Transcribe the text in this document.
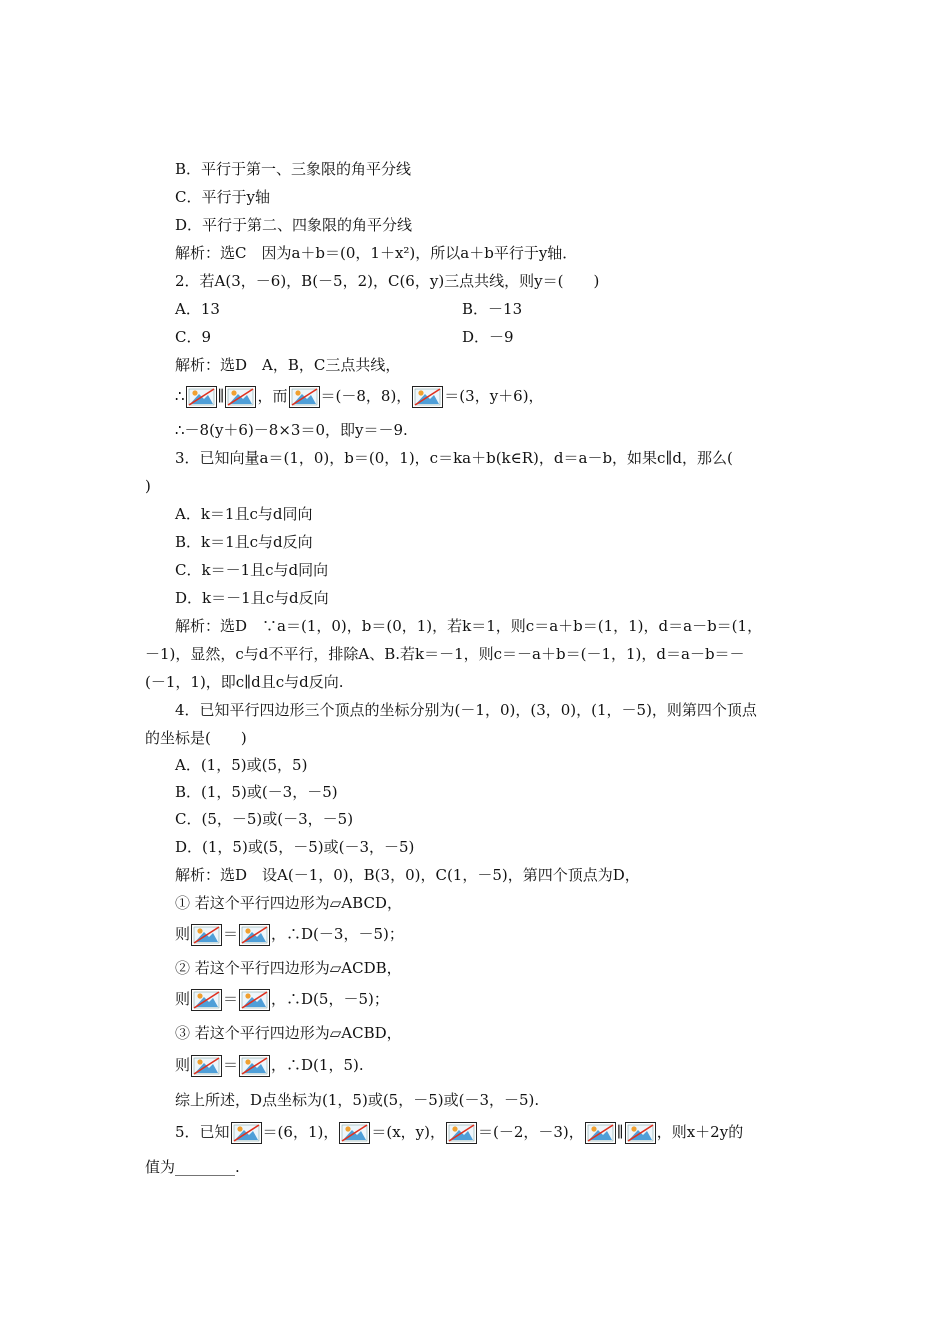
B．平行于第一、三象限的角平分线
C．平行于y轴
D．平行于第二、四象限的角平分线
解析：选C　因为a＋b＝(0，1＋x²)，所以a＋b平行于y轴．
2．若A(3，－6)，B(－5，2)，C(6，y)三点共线，则y＝(　　)
A．13	B．－13
C．9	D．－9
解析：选D　A，B，C三点共线，
∴ ∥ ，而 ＝(－8，8)， ＝(3，y＋6)，
∴－8(y＋6)－8×3＝0，即y＝－9.
3．已知向量a＝(1，0)，b＝(0，1)，c＝ka＋b(k∈R)，d＝a－b，如果c∥d，那么(
)
A．k＝1且c与d同向
B．k＝1且c与d反向
C．k＝－1且c与d同向
D．k＝－1且c与d反向
解析：选D　∵a＝(1，0)，b＝(0，1)，若k＝1，则c＝a＋b＝(1，1)，d＝a－b＝(1，
－1)，显然，c与d不平行，排除A、B.若k＝－1，则c＝－a＋b＝(－1，1)，d＝a－b＝－
(－1，1)，即c∥d且c与d反向.
4．已知平行四边形三个顶点的坐标分别为(－1，0)，(3，0)，(1，－5)，则第四个顶点
的坐标是(　　)
A．(1，5)或(5，5)
B．(1，5)或(－3，－5)
C．(5，－5)或(－3，－5)
D．(1，5)或(5，－5)或(－3，－5)
解析：选D　设A(－1，0)，B(3，0)，C(1，－5)，第四个顶点为D，
① 若这个平行四边形为▱ABCD，
则 ＝ ，∴D(－3，－5)；
② 若这个平行四边形为▱ACDB，
则 ＝ ，∴D(5，－5)；
③ 若这个平行四边形为▱ACBD，
则 ＝ ，∴D(1，5).
综上所述，D点坐标为(1，5)或(5，－5)或(－3，－5).
5．已知 ＝(6，1)， ＝(x，y)， ＝(－2，－3)， ∥ ，则x＋2y的
值为________.
